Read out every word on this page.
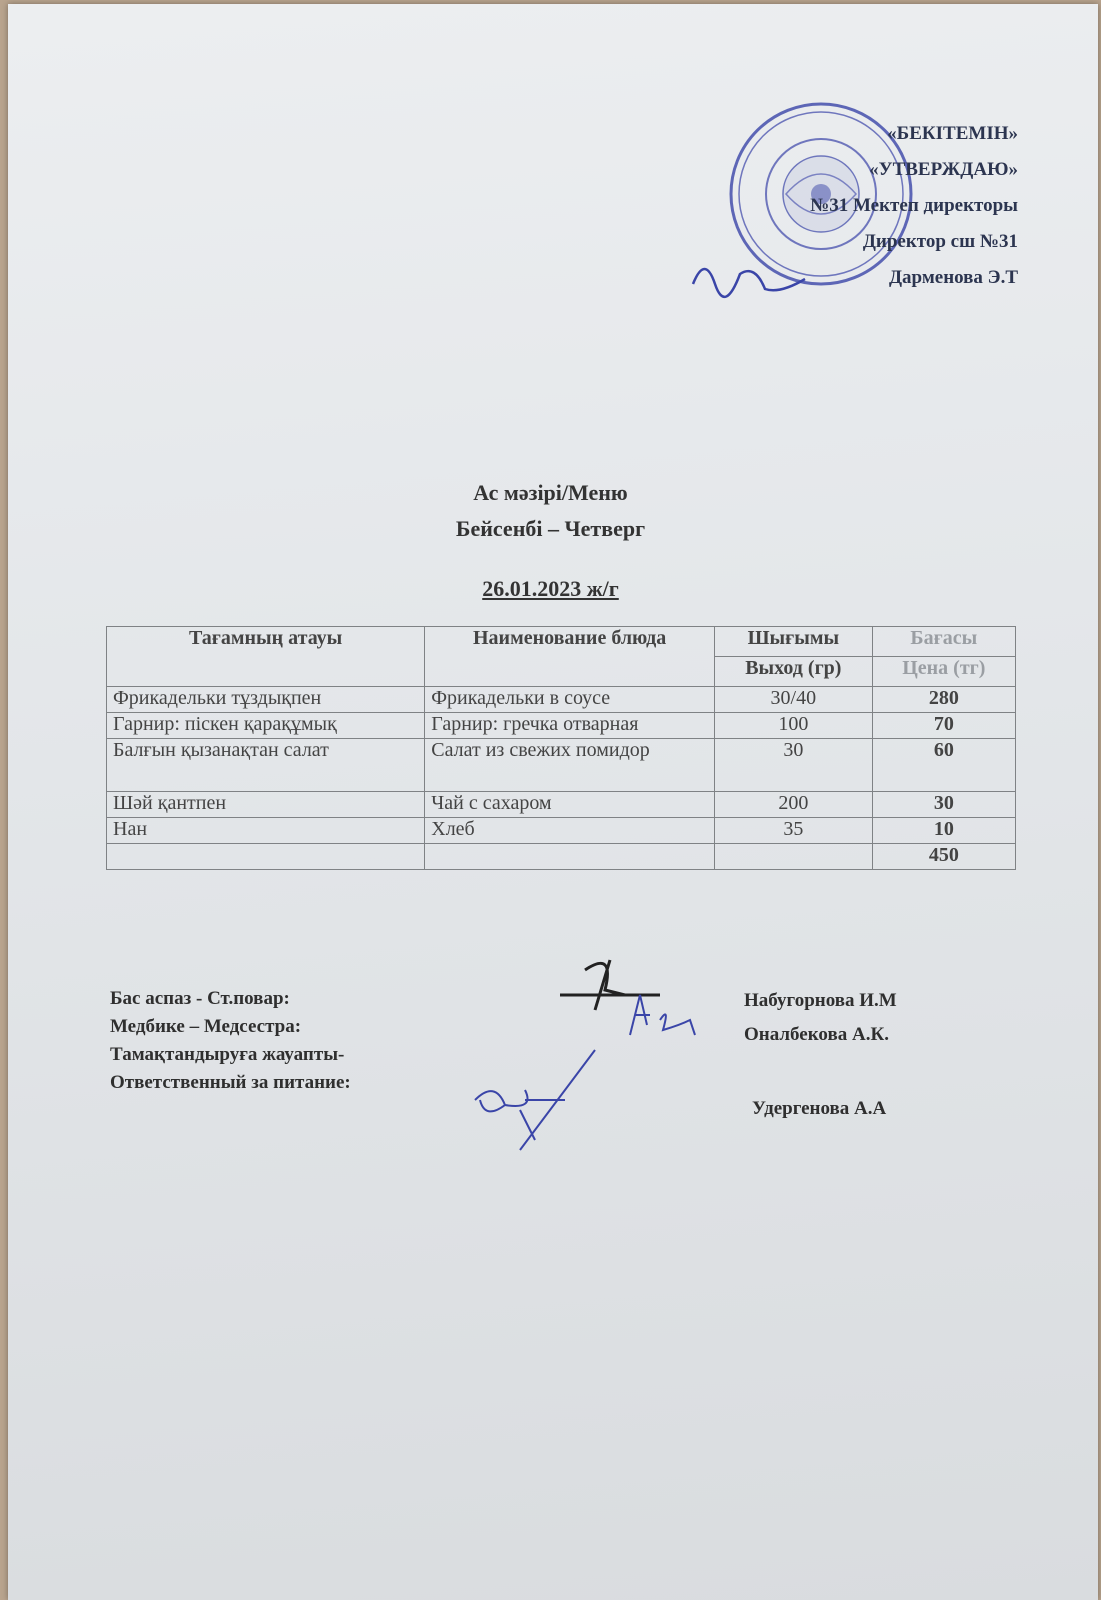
«БЕКІТЕМІН»
«УТВЕРЖДАЮ»
№31 Мектеп директоры
Директор сш №31
Дарменова Э.Т
Ас мәзірі/Меню
Бейсенбі – Четверг
26.01.2023 ж/г
Тағамның атауы	Наименование блюда	Шығымы	Бағасы
		Выход (гр)	Цена (тг)
Фрикадельки тұздықпен	Фрикадельки в соусе	30/40	280
Гарнир: піскен қарақұмық	Гарнир: гречка отварная	100	70
Балғын қызанақтан салат	Салат из свежих помидор	30	60
Шәй қантпен	Чай с сахаром	200	30
Нан	Хлеб	35	10
			450
Бас аспаз - Ст.повар:
Медбике – Медсестра:
Тамақтандыруға жауапты-
Ответственный за питание:
Набугорнова И.М
Оналбекова А.К.
Удергенова А.А
